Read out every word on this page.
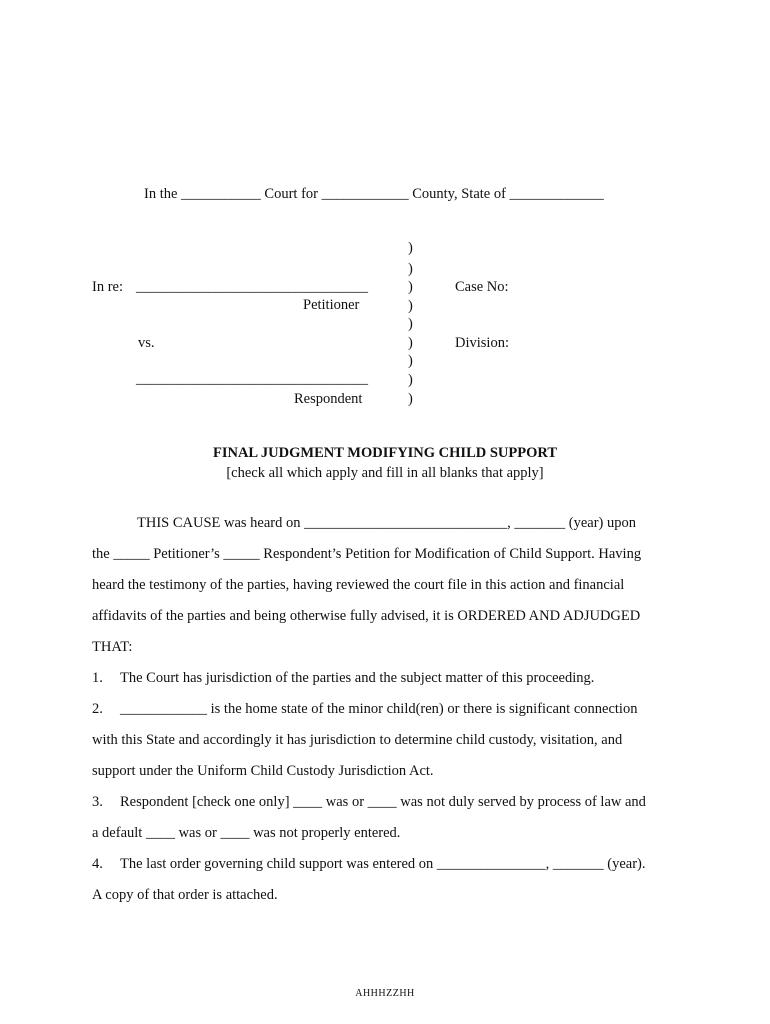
In the ___________ Court for ____________ County, State of _____________
)
)
)
)
)
)
)
)
)
In re: ________________________________
Petitioner
vs.
________________________________
Respondent
Case No:
Division:
FINAL JUDGMENT MODIFYING CHILD SUPPORT
[check all which apply and fill in all blanks that apply]
THIS CAUSE was heard on ____________________________, _______ (year) upon
the _____ Petitioner’s _____ Respondent’s Petition for Modification of Child Support. Having
heard the testimony of the parties, having reviewed the court file in this action and financial
affidavits of the parties and being otherwise fully advised, it is ORDERED AND ADJUDGED
THAT:
1. The Court has jurisdiction of the parties and the subject matter of this proceeding.
2. ____________ is the home state of the minor child(ren) or there is significant connection
with this State and accordingly it has jurisdiction to determine child custody, visitation, and
support under the Uniform Child Custody Jurisdiction Act.
3. Respondent [check one only] ____ was or ____ was not duly served by process of law and
a default ____ was or ____ was not properly entered.
4. The last order governing child support was entered on _______________, _______ (year).
A copy of that order is attached.
AHHHZZHH
